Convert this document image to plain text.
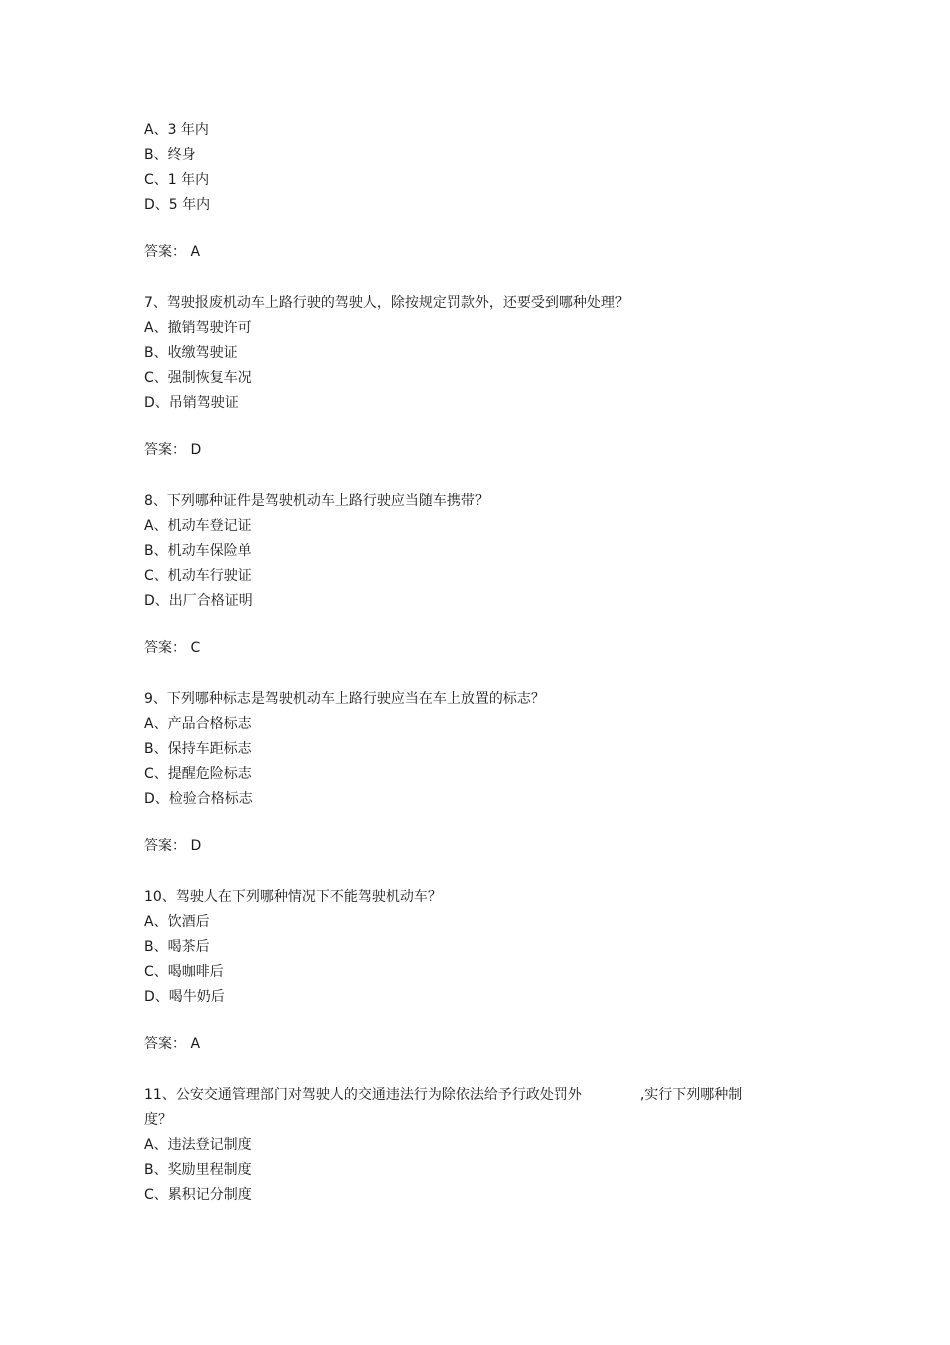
A、3 年内
B、终身
C、1 年内
D、5 年内
答案： A
7、驾驶报废机动车上路行驶的驾驶人，除按规定罚款外，还要受到哪种处理？
A、撤销驾驶许可
B、收缴驾驶证
C、强制恢复车况
D、吊销驾驶证
答案： D
8、下列哪种证件是驾驶机动车上路行驶应当随车携带？
A、机动车登记证
B、机动车保险单
C、机动车行驶证
D、出厂合格证明
答案： C
9、下列哪种标志是驾驶机动车上路行驶应当在车上放置的标志？
A、产品合格标志
B、保持车距标志
C、提醒危险标志
D、检验合格标志
答案： D
10、驾驶人在下列哪种情况下不能驾驶机动车？
A、饮酒后
B、喝茶后
C、喝咖啡后
D、喝牛奶后
答案： A
11、公安交通管理部门对驾驶人的交通违法行为除依法给予行政处罚外	,实行下列哪种制
度？
A、违法登记制度
B、奖励里程制度
C、累积记分制度
